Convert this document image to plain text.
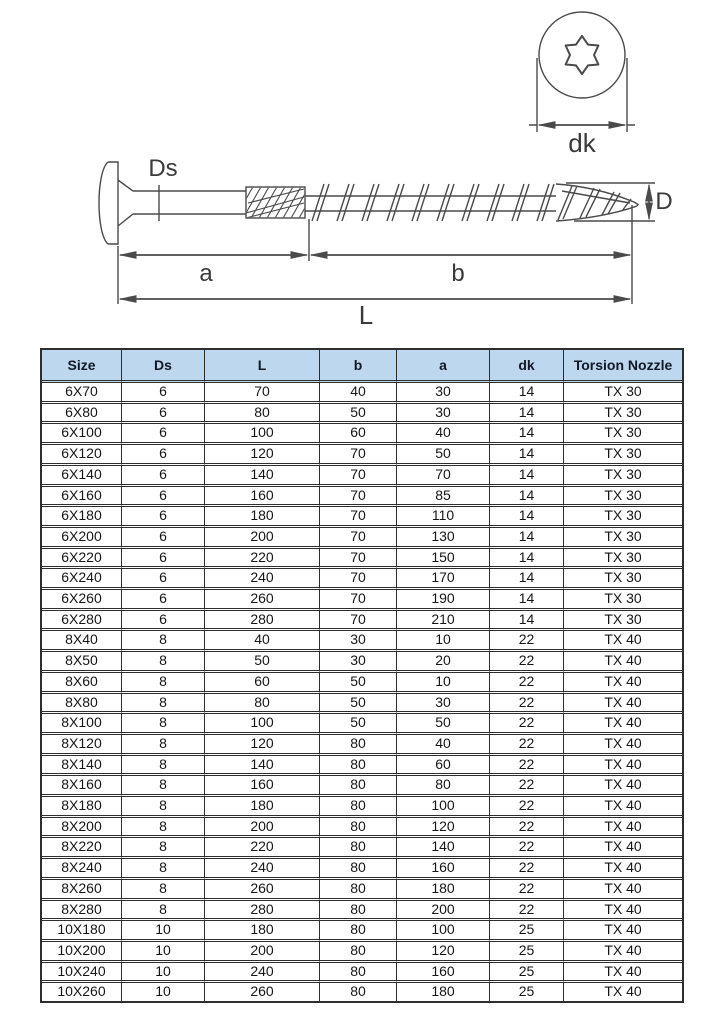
Ds
dk
D
a	b
L
Size	Ds	L	b	a	dk	Torsion Nozzle
6X70	6	70	40	30	14	TX 30
6X80	6	80	50	30	14	TX 30
6X100	6	100	60	40	14	TX 30
6X120	6	120	70	50	14	TX 30
6X140	6	140	70	70	14	TX 30
6X160	6	160	70	85	14	TX 30
6X180	6	180	70	110	14	TX 30
6X200	6	200	70	130	14	TX 30
6X220	6	220	70	150	14	TX 30
6X240	6	240	70	170	14	TX 30
6X260	6	260	70	190	14	TX 30
6X280	6	280	70	210	14	TX 30
8X40	8	40	30	10	22	TX 40
8X50	8	50	30	20	22	TX 40
8X60	8	60	50	10	22	TX 40
8X80	8	80	50	30	22	TX 40
8X100	8	100	50	50	22	TX 40
8X120	8	120	80	40	22	TX 40
8X140	8	140	80	60	22	TX 40
8X160	8	160	80	80	22	TX 40
8X180	8	180	80	100	22	TX 40
8X200	8	200	80	120	22	TX 40
8X220	8	220	80	140	22	TX 40
8X240	8	240	80	160	22	TX 40
8X260	8	260	80	180	22	TX 40
8X280	8	280	80	200	22	TX 40
10X180	10	180	80	100	25	TX 40
10X200	10	200	80	120	25	TX 40
10X240	10	240	80	160	25	TX 40
10X260	10	260	80	180	25	TX 40
